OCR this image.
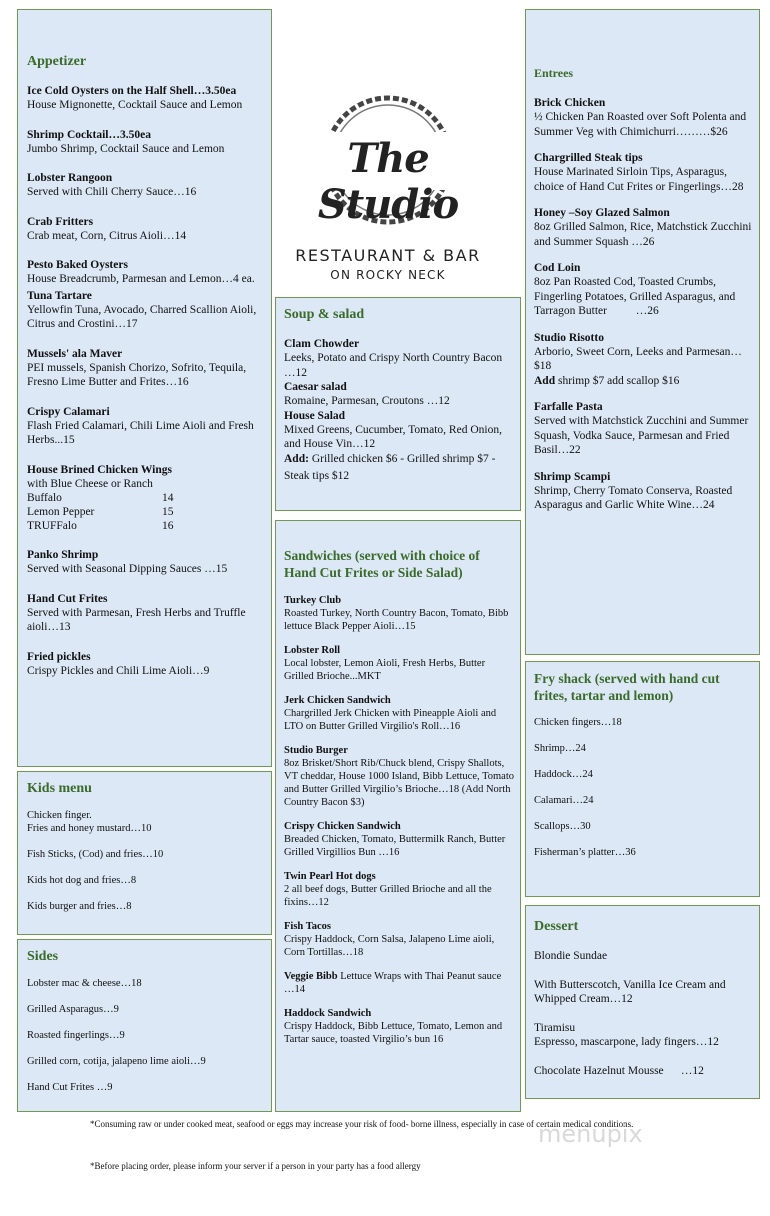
The Studio
RESTAURANT & BAR
ON ROCKY NECK
Appetizer
Ice Cold Oysters on the Half Shell…3.50ea
House Mignonette, Cocktail Sauce and Lemon
Shrimp Cocktail…3.50ea
Jumbo Shrimp, Cocktail Sauce and Lemon
Lobster Rangoon
Served with Chili Cherry Sauce…16
Crab Fritters
Crab meat, Corn, Citrus Aioli…14
Pesto Baked Oysters
House Breadcrumb, Parmesan and Lemon…4 ea.
Tuna Tartare
Yellowfin Tuna, Avocado, Charred Scallion Aioli, Citrus and Crostini…17
Mussels' ala Maver
PEI mussels, Spanish Chorizo, Sofrito, Tequila, Fresno Lime Butter and Frites…16
Crispy Calamari
Flash Fried Calamari, Chili Lime Aioli and Fresh Herbs...15
House Brined Chicken Wings
with Blue Cheese or Ranch
Buffalo	14
Lemon Pepper	15
TRUFFalo	16
Panko Shrimp
Served with Seasonal Dipping Sauces …15
Hand Cut Frites
Served with Parmesan, Fresh Herbs and Truffle aioli…13
Fried pickles
Crispy Pickles and Chili Lime Aioli…9
Kids menu

Chicken finger.

Fries and honey mustard…10

Fish Sticks, (Cod) and fries…10

Kids hot dog and fries…8

Kids burger and fries…8

Sides

Lobster mac & cheese…18

Grilled Asparagus…9

Roasted fingerlings…9

Grilled corn, cotija, jalapeno lime aioli…9

Hand Cut Frites …9

Soup & salad
Clam Chowder
Leeks, Potato and Crispy North Country Bacon …12
Caesar salad
Romaine, Parmesan, Croutons …12
House Salad
Mixed Greens, Cucumber, Tomato, Red Onion, and House Vin…12
Add: Grilled chicken $6 - Grilled shrimp $7 -
Steak tips $12
Sandwiches (served with choice of Hand Cut Frites or Side Salad)
Turkey Club
Roasted Turkey, North Country Bacon, Tomato, Bibb lettuce Black Pepper Aioli…15
Lobster Roll
Local lobster, Lemon Aioli, Fresh Herbs, Butter Grilled Brioche...MKT
Jerk Chicken Sandwich
Chargrilled Jerk Chicken with Pineapple Aioli and LTO on Butter Grilled Virgilio's Roll…16
Studio Burger
8oz Brisket/Short Rib/Chuck blend, Crispy Shallots, VT cheddar, House 1000 Island, Bibb Lettuce, Tomato and Butter Grilled Virgilio’s Brioche…18 (Add North Country Bacon $3)
Crispy Chicken Sandwich
Breaded Chicken, Tomato, Buttermilk Ranch, Butter Grilled Virgillios Bun …16
Twin Pearl Hot dogs
2 all beef dogs, Butter Grilled Brioche and all the fixins…12
Fish Tacos
Crispy Haddock, Corn Salsa, Jalapeno Lime aioli, Corn Tortillas…18
Veggie Bibb Lettuce Wraps with Thai Peanut sauce …14
Haddock Sandwich
Crispy Haddock, Bibb Lettuce, Tomato, Lemon and Tartar sauce, toasted Virgilio’s bun 16
Entrees
Brick Chicken
½ Chicken Pan Roasted over Soft Polenta and Summer Veg with Chimichurri………$26
Chargrilled Steak tips
House Marinated Sirloin Tips, Asparagus, choice of Hand Cut Frites or Fingerlings…28
Honey –Soy Glazed Salmon
8oz Grilled Salmon, Rice, Matchstick Zucchini and Summer Squash …26
Cod Loin
8oz Pan Roasted Cod, Toasted Crumbs, Fingerling Potatoes, Grilled Asparagus, and Tarragon Butter          …26
Studio Risotto
Arborio, Sweet Corn, Leeks and Parmesan…$18
Add shrimp $7 add scallop $16
Farfalle Pasta
Served with Matchstick Zucchini and Summer Squash, Vodka Sauce, Parmesan and Fried Basil…22
Shrimp Scampi
Shrimp, Cherry Tomato Conserva, Roasted Asparagus and Garlic White Wine…24
Fry shack (served with hand cut frites, tartar and lemon)

Chicken fingers…18

Shrimp…24

Haddock…24

Calamari…24

Scallops…30

Fisherman’s platter…36

Dessert
Blondie Sundae
With Butterscotch, Vanilla Ice Cream and Whipped Cream…12
Tiramisu
Espresso, mascarpone, lady fingers…12
Chocolate Hazelnut Mousse      …12
*Consuming raw or under cooked meat, seafood or eggs may increase your risk of food- borne illness, especially in case of certain medical conditions.
*Before placing order, please inform your server if a person in your party has a food allergy
menupix
